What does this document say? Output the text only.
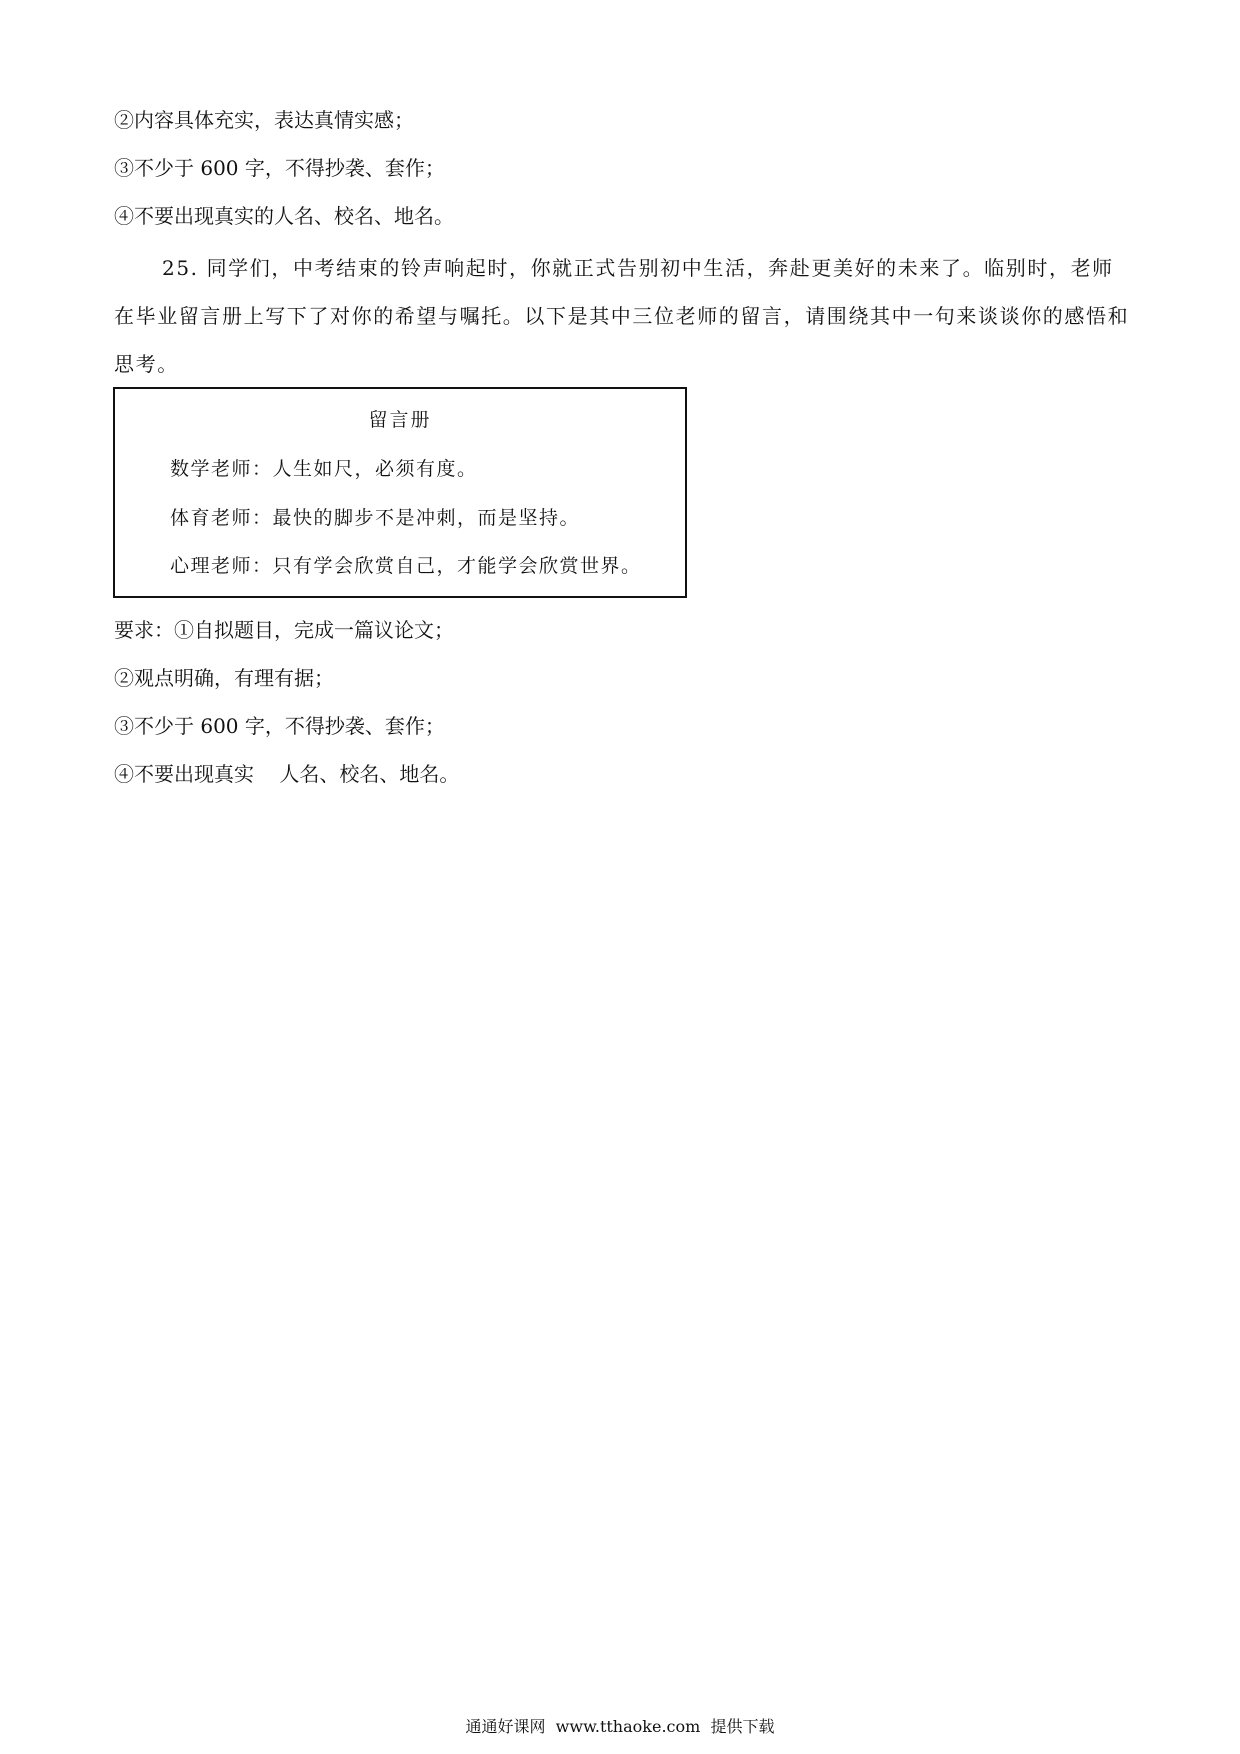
②内容具体充实，表达真情实感；
③不少于 600 字，不得抄袭、套作；
④不要出现真实的人名、校名、地名。
25. 同学们，中考结束的铃声响起时，你就正式告别初中生活，奔赴更美好的未来了。临别时，老师在毕业留言册上写下了对你的希望与嘱托。以下是其中三位老师的留言，请围绕其中一句来谈谈你的感悟和思考。
留言册
数学老师：人生如尺，必须有度。
体育老师：最快的脚步不是冲刺，而是坚持。
心理老师：只有学会欣赏自己，才能学会欣赏世界。
要求：①自拟题目，完成一篇议论文；
②观点明确，有理有据；
③不少于 600 字，不得抄袭、套作；
④不要出现真实    人名、校名、地名。
通通好课网  www.tthaoke.com  提供下载
